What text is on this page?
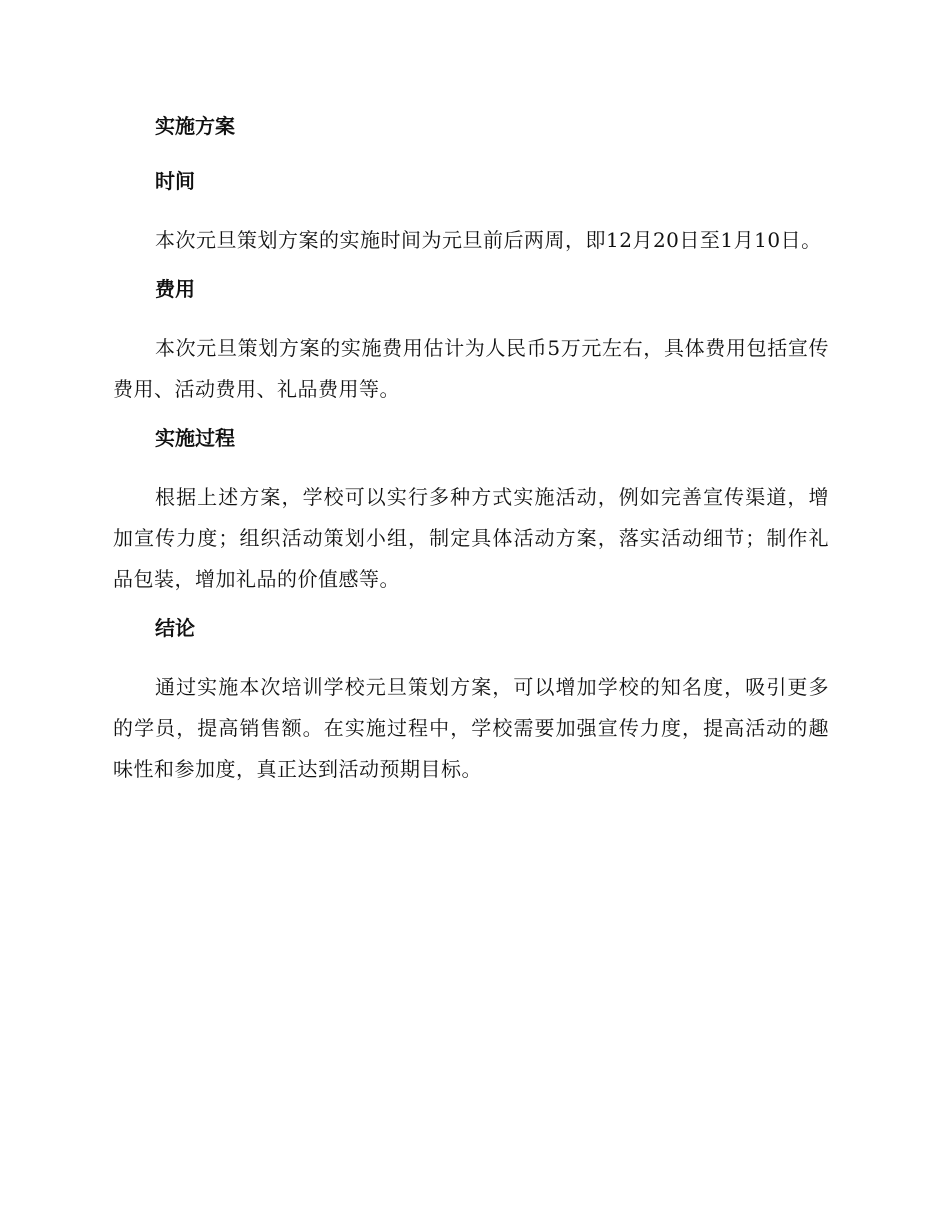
实施方案
时间

本次元旦策划方案的实施时间为元旦前后两周，即12月20日至1月10日。

费用

本次元旦策划方案的实施费用估计为人民币5万元左右，具体费用包括宣传费用、活动费用、礼品费用等。

实施过程

根据上述方案，学校可以实行多种方式实施活动，例如完善宣传渠道，增加宣传力度；组织活动策划小组，制定具体活动方案，落实活动细节；制作礼品包装，增加礼品的价值感等。

结论

通过实施本次培训学校元旦策划方案，可以增加学校的知名度，吸引更多的学员，提高销售额。在实施过程中，学校需要加强宣传力度，提高活动的趣味性和参加度，真正达到活动预期目标。
